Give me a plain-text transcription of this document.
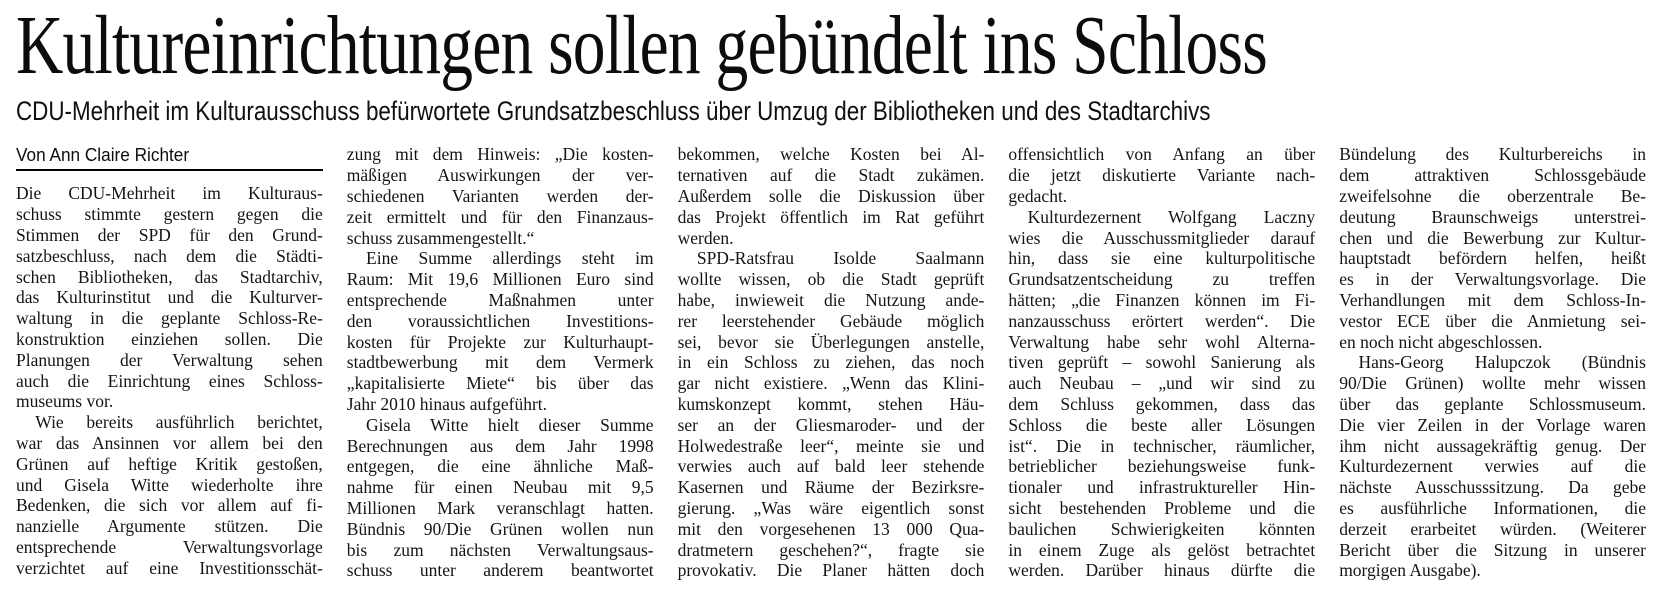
Kultureinrichtungen sollen gebündelt ins Schloss
CDU-Mehrheit im Kulturausschuss befürwortete Grundsatzbeschluss über Umzug der Bibliotheken und des Stadtarchivs
Von Ann Claire Richter
Die CDU-Mehrheit im Kulturaus-
schuss stimmte gestern gegen die
Stimmen der SPD für den Grund-
satzbeschluss, nach dem die Städti-
schen Bibliotheken, das Stadtarchiv,
das Kulturinstitut und die Kulturver-
waltung in die geplante Schloss-Re-
konstruktion einziehen sollen. Die
Planungen der Verwaltung sehen
auch die Einrichtung eines Schloss-
museums vor.
Wie bereits ausführlich berichtet,
war das Ansinnen vor allem bei den
Grünen auf heftige Kritik gestoßen,
und Gisela Witte wiederholte ihre
Bedenken, die sich vor allem auf fi-
nanzielle Argumente stützen. Die
entsprechende Verwaltungsvorlage
verzichtet auf eine Investitionsschät-
zung mit dem Hinweis: „Die kosten-
mäßigen Auswirkungen der ver-
schiedenen Varianten werden der-
zeit ermittelt und für den Finanzaus-
schuss zusammengestellt.“
Eine Summe allerdings steht im
Raum: Mit 19,6 Millionen Euro sind
entsprechende Maßnahmen unter
den voraussichtlichen Investitions-
kosten für Projekte zur Kulturhaupt-
stadtbewerbung mit dem Vermerk
„kapitalisierte Miete“ bis über das
Jahr 2010 hinaus aufgeführt.
Gisela Witte hielt dieser Summe
Berechnungen aus dem Jahr 1998
entgegen, die eine ähnliche Maß-
nahme für einen Neubau mit 9,5
Millionen Mark veranschlagt hatten.
Bündnis 90/Die Grünen wollen nun
bis zum nächsten Verwaltungsaus-
schuss unter anderem beantwortet
bekommen, welche Kosten bei Al-
ternativen auf die Stadt zukämen.
Außerdem solle die Diskussion über
das Projekt öffentlich im Rat geführt
werden.
SPD-Ratsfrau Isolde Saalmann
wollte wissen, ob die Stadt geprüft
habe, inwieweit die Nutzung ande-
rer leerstehender Gebäude möglich
sei, bevor sie Überlegungen anstelle,
in ein Schloss zu ziehen, das noch
gar nicht existiere. „Wenn das Klini-
kumskonzept kommt, stehen Häu-
ser an der Gliesmaroder- und der
Holwedestraße leer“, meinte sie und
verwies auch auf bald leer stehende
Kasernen und Räume der Bezirksre-
gierung. „Was wäre eigentlich sonst
mit den vorgesehenen 13 000 Qua-
dratmetern geschehen?“, fragte sie
provokativ. Die Planer hätten doch
offensichtlich von Anfang an über
die jetzt diskutierte Variante nach-
gedacht.
Kulturdezernent Wolfgang Laczny
wies die Ausschussmitglieder darauf
hin, dass sie eine kulturpolitische
Grundsatzentscheidung zu treffen
hätten; „die Finanzen können im Fi-
nanzausschuss erörtert werden“. Die
Verwaltung habe sehr wohl Alterna-
tiven geprüft – sowohl Sanierung als
auch Neubau – „und wir sind zu
dem Schluss gekommen, dass das
Schloss die beste aller Lösungen
ist“. Die in technischer, räumlicher,
betrieblicher beziehungsweise funk-
tionaler und infrastruktureller Hin-
sicht bestehenden Probleme und die
baulichen Schwierigkeiten könnten
in einem Zuge als gelöst betrachtet
werden. Darüber hinaus dürfte die
Bündelung des Kulturbereichs in
dem attraktiven Schlossgebäude
zweifelsohne die oberzentrale Be-
deutung Braunschweigs unterstrei-
chen und die Bewerbung zur Kultur-
hauptstadt befördern helfen, heißt
es in der Verwaltungsvorlage. Die
Verhandlungen mit dem Schloss-In-
vestor ECE über die Anmietung sei-
en noch nicht abgeschlossen.
Hans-Georg Halupczok (Bündnis
90/Die Grünen) wollte mehr wissen
über das geplante Schlossmuseum.
Die vier Zeilen in der Vorlage waren
ihm nicht aussagekräftig genug. Der
Kulturdezernent verwies auf die
nächste Ausschusssitzung. Da gebe
es ausführliche Informationen, die
derzeit erarbeitet würden. (Weiterer
Bericht über die Sitzung in unserer
morgigen Ausgabe).
